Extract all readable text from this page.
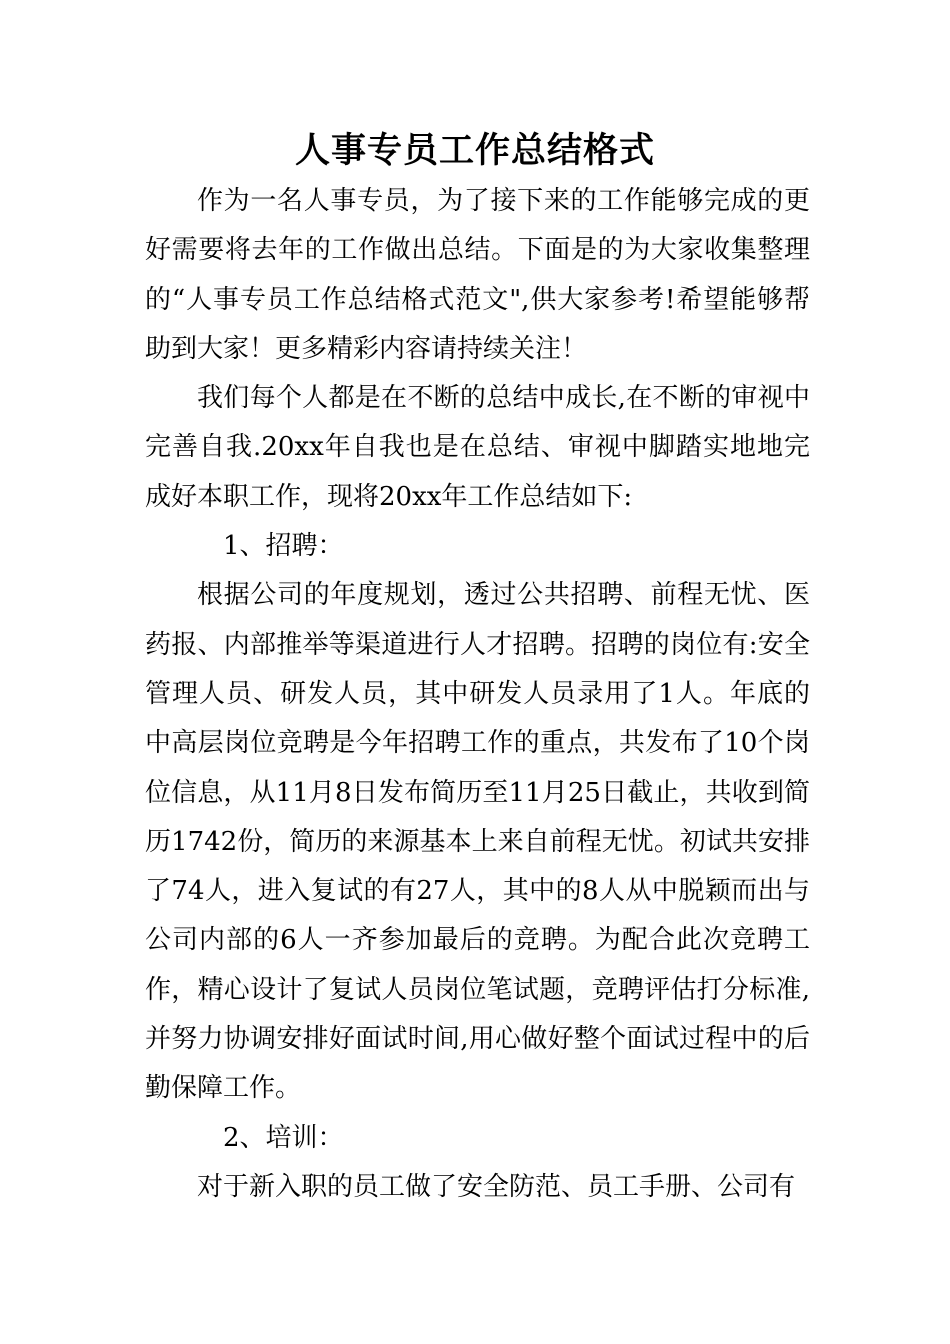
人事专员工作总结格式

作为一名人事专员，为了接下来的工作能够完成的更好需要将去年的工作做出总结。下面是的为大家收集整理的“人事专员工作总结格式范文",供大家参考!希望能够帮助到大家！更多精彩内容请持续关注！

我们每个人都是在不断的总结中成长,在不断的审视中完善自我.20xx年自我也是在总结、审视中脚踏实地地完成好本职工作，现将20xx年工作总结如下:

1、招聘：

根据公司的年度规划，透过公共招聘、前程无忧、医药报、内部推举等渠道进行人才招聘。招聘的岗位有:安全管理人员、研发人员，其中研发人员录用了1人。年底的中高层岗位竞聘是今年招聘工作的重点，共发布了10个岗位信息，从11月8日发布简历至11月25日截止，共收到简历1742份，简历的来源基本上来自前程无忧。初试共安排了74人，进入复试的有27人，其中的8人从中脱颖而出与公司内部的6人一齐参加最后的竞聘。为配合此次竞聘工作，精心设计了复试人员岗位笔试题，竞聘评估打分标准,并努力协调安排好面试时间,用心做好整个面试过程中的后勤保障工作。

2、培训：

对于新入职的员工做了安全防范、员工手册、公司有
